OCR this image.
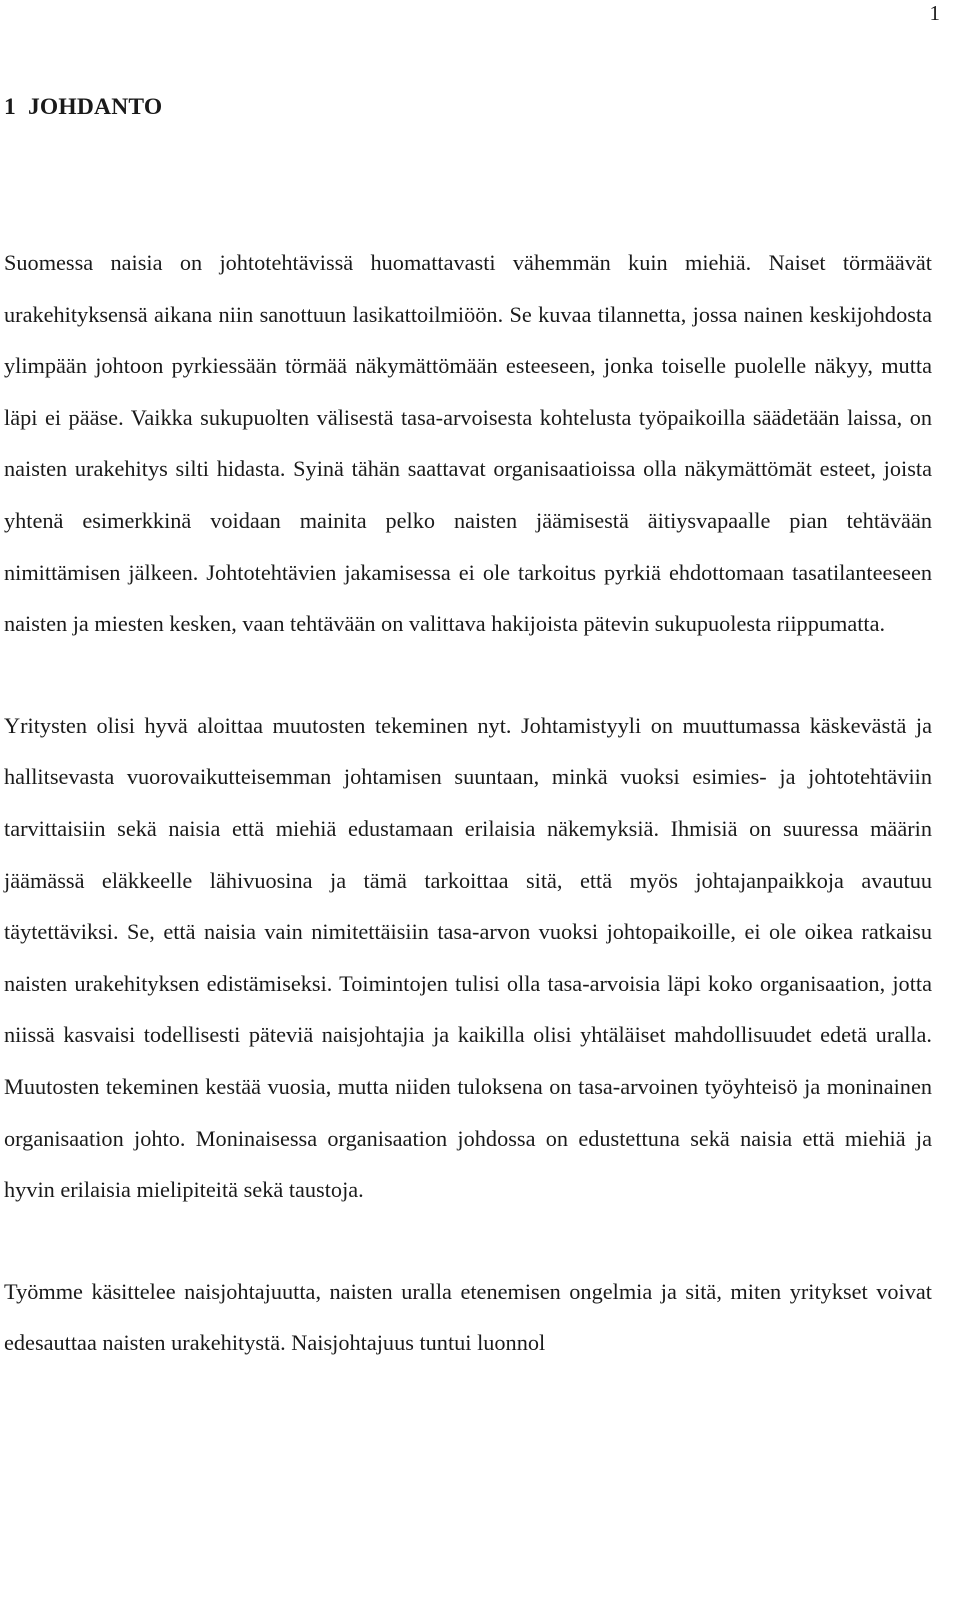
1
1 JOHDANTO

Suomessa naisia on johtotehtävissä huomattavasti vähemmän kuin miehiä. Naiset törmäävät urakehityksensä aikana niin sanottuun lasikattoilmiöön. Se kuvaa tilannetta, jossa nainen keskijohdosta ylimpään johtoon pyrkiessään törmää näkymättömään esteeseen, jonka toiselle puolelle näkyy, mutta läpi ei pääse. Vaikka sukupuolten välisestä tasa-arvoisesta kohtelusta työpaikoilla säädetään laissa, on naisten urakehitys silti hidasta. Syinä tähän saattavat organisaatioissa olla näkymättömät esteet, joista yhtenä esimerkkinä voidaan mainita pelko naisten jäämisestä äitiysvapaalle pian tehtävään nimittämisen jälkeen. Johtotehtävien jakamisessa ei ole tarkoitus pyrkiä ehdottomaan tasatilanteeseen naisten ja miesten kesken, vaan tehtävään on valittava hakijoista pätevin sukupuolesta riippumatta.

Yritysten olisi hyvä aloittaa muutosten tekeminen nyt. Johtamistyyli on muuttumassa käskevästä ja hallitsevasta vuorovaikutteisemman johtamisen suuntaan, minkä vuoksi esimies- ja johtotehtäviin tarvittaisiin sekä naisia että miehiä edustamaan erilaisia näkemyksiä. Ihmisiä on suuressa määrin jäämässä eläkkeelle lähivuosina ja tämä tarkoittaa sitä, että myös johtajanpaikkoja avautuu täytettäviksi. Se, että naisia vain nimitettäisiin tasa-arvon vuoksi johtopaikoille, ei ole oikea ratkaisu naisten urakehityksen edistämiseksi. Toimintojen tulisi olla tasa-arvoisia läpi koko organisaation, jotta niissä kasvaisi todellisesti päteviä naisjohtajia ja kaikilla olisi yhtäläiset mahdollisuudet edetä uralla. Muutosten tekeminen kestää vuosia, mutta niiden tuloksena on tasa-arvoinen työyhteisö ja moninainen organisaation johto. Moninaisessa organisaation johdossa on edustettuna sekä naisia että miehiä ja hyvin erilaisia mielipiteitä sekä taustoja.

Työmme käsittelee naisjohtajuutta, naisten uralla etenemisen ongelmia ja sitä, miten yritykset voivat edesauttaa naisten urakehitystä. Naisjohtajuus tuntui luonnol
